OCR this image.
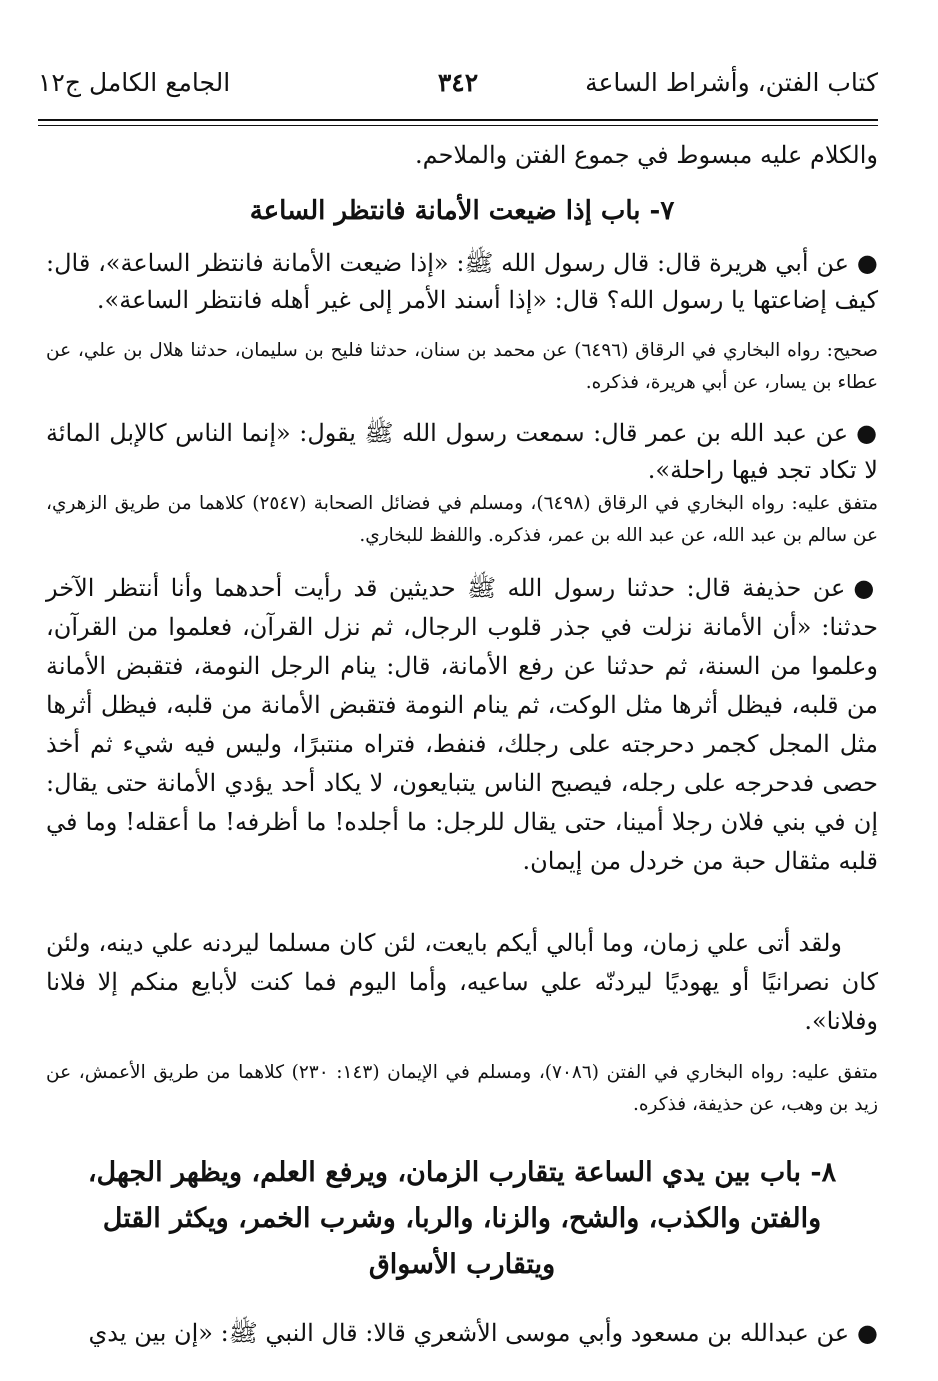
كتاب الفتن، وأشراط الساعة
٣٤٢
الجامع الكامل ج١٢

والكلام عليه مبسوط في جموع الفتن والملاحم.

٧- باب إذا ضيعت الأمانة فانتظر الساعة

●عن أبي هريرة قال: قال رسول الله ﷺ: «إذا ضيعت الأمانة فانتظر الساعة»، قال: كيف إضاعتها يا رسول الله؟ قال: «إذا أسند الأمر إلى غير أهله فانتظر الساعة».

صحيح: رواه البخاري في الرقاق (٦٤٩٦) عن محمد بن سنان، حدثنا فليح بن سليمان، حدثنا هلال بن علي، عن عطاء بن يسار، عن أبي هريرة، فذكره.

●عن عبد الله بن عمر قال: سمعت رسول الله ﷺ يقول: «إنما الناس كالإبل المائة لا تكاد تجد فيها راحلة».

متفق عليه: رواه البخاري في الرقاق (٦٤٩٨)، ومسلم في فضائل الصحابة (٢٥٤٧) كلاهما من طريق الزهري، عن سالم بن عبد الله، عن عبد الله بن عمر، فذكره. واللفظ للبخاري.

●عن حذيفة قال: حدثنا رسول الله ﷺ حديثين قد رأيت أحدهما وأنا أنتظر الآخر حدثنا: «أن الأمانة نزلت في جذر قلوب الرجال، ثم نزل القرآن، فعلموا من القرآن، وعلموا من السنة، ثم حدثنا عن رفع الأمانة، قال: ينام الرجل النومة، فتقبض الأمانة من قلبه، فيظل أثرها مثل الوكت، ثم ينام النومة فتقبض الأمانة من قلبه، فيظل أثرها مثل المجل كجمر دحرجته على رجلك، فنفط، فتراه منتبرًا، وليس فيه شيء ثم أخذ حصى فدحرجه على رجله، فيصبح الناس يتبايعون، لا يكاد أحد يؤدي الأمانة حتى يقال: إن في بني فلان رجلا أمينا، حتى يقال للرجل: ما أجلده! ما أظرفه! ما أعقله! وما في قلبه مثقال حبة من خردل من إيمان.

ولقد أتى علي زمان، وما أبالي أيكم بايعت، لئن كان مسلما ليردنه علي دينه، ولئن كان نصرانيًا أو يهوديًا ليردنّه علي ساعيه، وأما اليوم فما كنت لأبايع منكم إلا فلانا وفلانا».

متفق عليه: رواه البخاري في الفتن (٧٠٨٦)، ومسلم في الإيمان (١٤٣: ٢٣٠) كلاهما من طريق الأعمش، عن زيد بن وهب، عن حذيفة، فذكره.

٨- باب بين يدي الساعة يتقارب الزمان، ويرفع العلم، ويظهر الجهل،

والفتن والكذب، والشح، والزنا، والربا، وشرب الخمر، ويكثر القتل

ويتقارب الأسواق

●عن عبدالله بن مسعود وأبي موسى الأشعري قالا: قال النبي ﷺ: «إن بين يدي
